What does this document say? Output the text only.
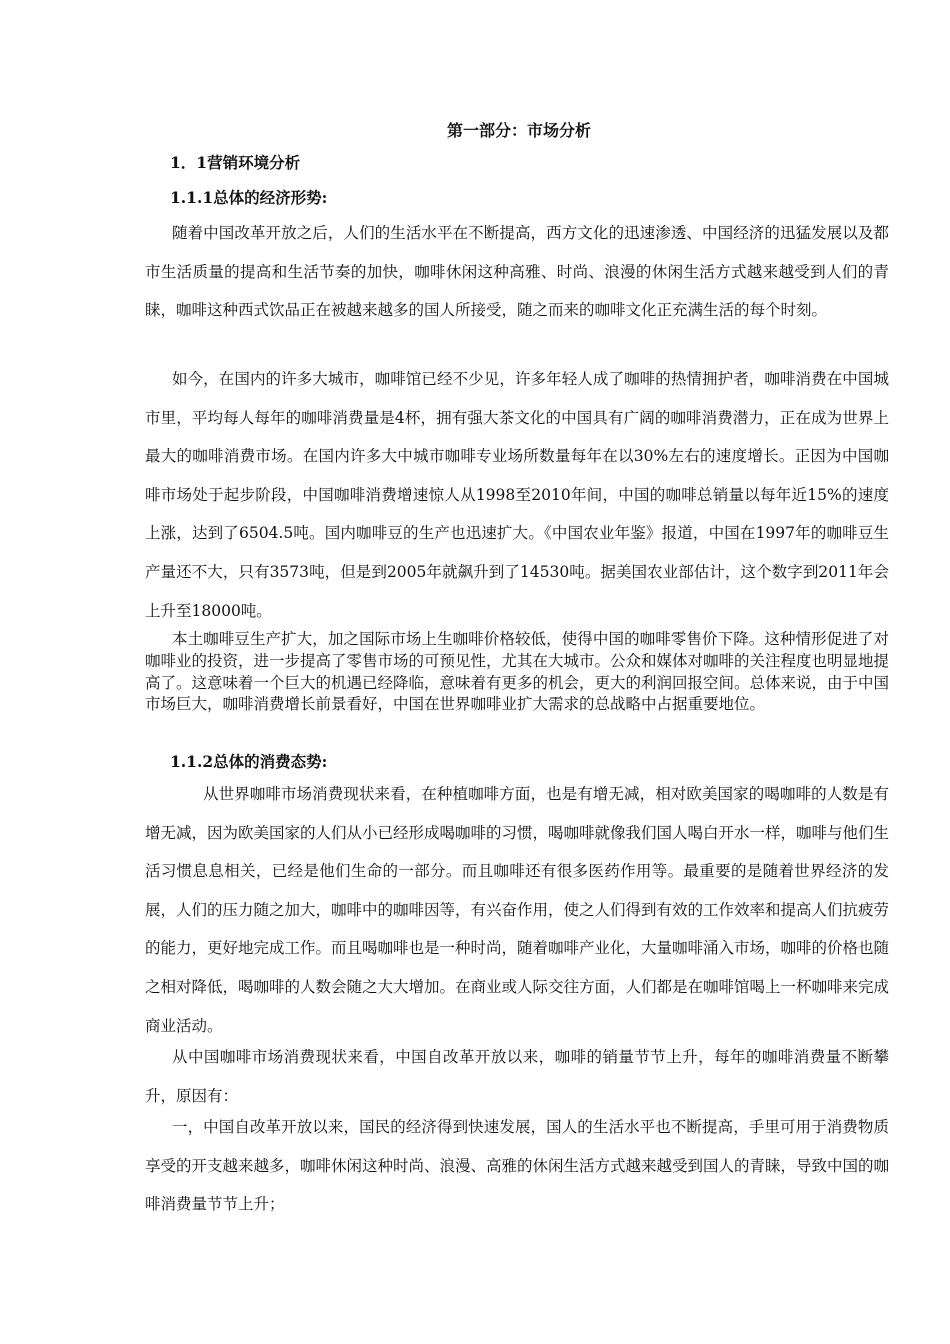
第一部分：市场分析
1．1营销环境分析
1.1.1总体的经济形势:

随着中国改革开放之后，人们的生活水平在不断提高，西方文化的迅速渗透、中国经济的迅猛发展以及都市生活质量的提高和生活节奏的加快，咖啡休闲这种高雅、时尚、浪漫的休闲生活方式越来越受到人们的青睐，咖啡这种西式饮品正在被越来越多的国人所接受，随之而来的咖啡文化正充满生活的每个时刻。

如今，在国内的许多大城市，咖啡馆已经不少见，许多年轻人成了咖啡的热情拥护者，咖啡消费在中国城市里，平均每人每年的咖啡消费量是4杯，拥有强大茶文化的中国具有广阔的咖啡消费潜力，正在成为世界上最大的咖啡消费市场。在国内许多大中城市咖啡专业场所数量每年在以30%左右的速度增长。正因为中国咖啡市场处于起步阶段，中国咖啡消费增速惊人从1998至2010年间，中国的咖啡总销量以每年近15%的速度上涨，达到了6504.5吨。国内咖啡豆的生产也迅速扩大。《中国农业年鉴》报道，中国在1997年的咖啡豆生产量还不大，只有3573吨，但是到2005年就飙升到了14530吨。据美国农业部估计，这个数字到2011年会上升至18000吨。

本土咖啡豆生产扩大，加之国际市场上生咖啡价格较低，使得中国的咖啡零售价下降。这种情形促进了对咖啡业的投资，进一步提高了零售市场的可预见性，尤其在大城市。公众和媒体对咖啡的关注程度也明显地提高了。这意味着一个巨大的机遇已经降临，意味着有更多的机会，更大的利润回报空间。总体来说，由于中国市场巨大，咖啡消费增长前景看好，中国在世界咖啡业扩大需求的总战略中占据重要地位。

1.1.2总体的消费态势:

从世界咖啡市场消费现状来看，在种植咖啡方面，也是有增无减，相对欧美国家的喝咖啡的人数是有增无减，因为欧美国家的人们从小已经形成喝咖啡的习惯，喝咖啡就像我们国人喝白开水一样，咖啡与他们生活习惯息息相关，已经是他们生命的一部分。而且咖啡还有很多医药作用等。最重要的是随着世界经济的发展，人们的压力随之加大，咖啡中的咖啡因等，有兴奋作用，使之人们得到有效的工作效率和提高人们抗疲劳的能力，更好地完成工作。而且喝咖啡也是一种时尚，随着咖啡产业化，大量咖啡涌入市场，咖啡的价格也随之相对降低，喝咖啡的人数会随之大大增加。在商业或人际交往方面，人们都是在咖啡馆喝上一杯咖啡来完成商业活动。

从中国咖啡市场消费现状来看，中国自改革开放以来，咖啡的销量节节上升，每年的咖啡消费量不断攀升，原因有：

一，中国自改革开放以来，国民的经济得到快速发展，国人的生活水平也不断提高，手里可用于消费物质享受的开支越来越多，咖啡休闲这种时尚、浪漫、高雅的休闲生活方式越来越受到国人的青睐，导致中国的咖啡消费量节节上升；
